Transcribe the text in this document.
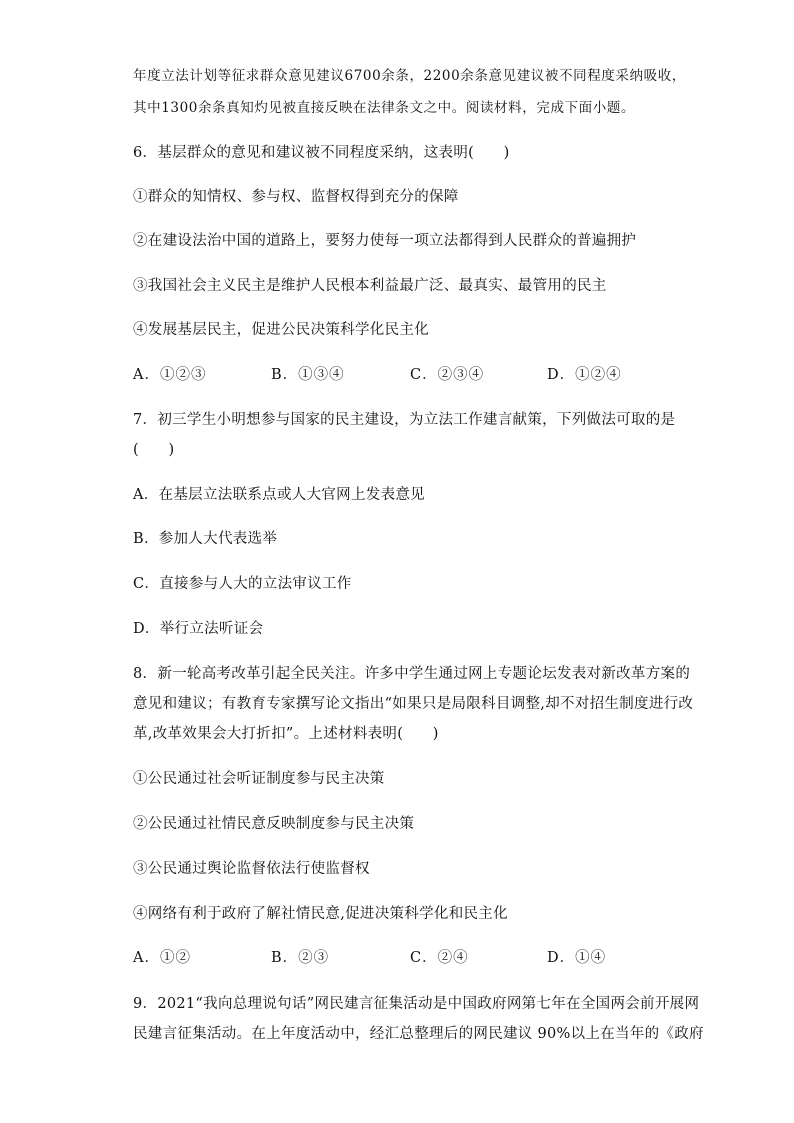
年度立法计划等征求群众意见建议6700余条，2200余条意见建议被不同程度采纳吸收，
其中1300余条真知灼见被直接反映在法律条文之中。阅读材料，完成下面小题。
6．基层群众的意见和建议被不同程度采纳，这表明(　　)
①群众的知情权、参与权、监督权得到充分的保障
②在建设法治中国的道路上，要努力使每一项立法都得到人民群众的普遍拥护
③我国社会主义民主是维护人民根本利益最广泛、最真实、最管用的民主
④发展基层民主，促进公民决策科学化民主化
A．①②③	B．①③④	C．②③④	D．①②④
7．初三学生小明想参与国家的民主建设，为立法工作建言献策，下列做法可取的是
(　　)
A．在基层立法联系点或人大官网上发表意见
B．参加人大代表选举
C．直接参与人大的立法审议工作
D．举行立法听证会
8．新一轮高考改革引起全民关注。许多中学生通过网上专题论坛发表对新改革方案的
意见和建议；有教育专家撰写论文指出“如果只是局限科目调整,却不对招生制度进行改
革,改革效果会大打折扣”。上述材料表明(　　)
①公民通过社会听证制度参与民主决策
②公民通过社情民意反映制度参与民主决策
③公民通过舆论监督依法行使监督权
④网络有利于政府了解社情民意,促进决策科学化和民主化
A．①②	B．②③	C．②④	D．①④
9．2021“我向总理说句话”网民建言征集活动是中国政府网第七年在全国两会前开展网
民建言征集活动。在上年度活动中，经汇总整理后的网民建议 90%以上在当年的《政府
